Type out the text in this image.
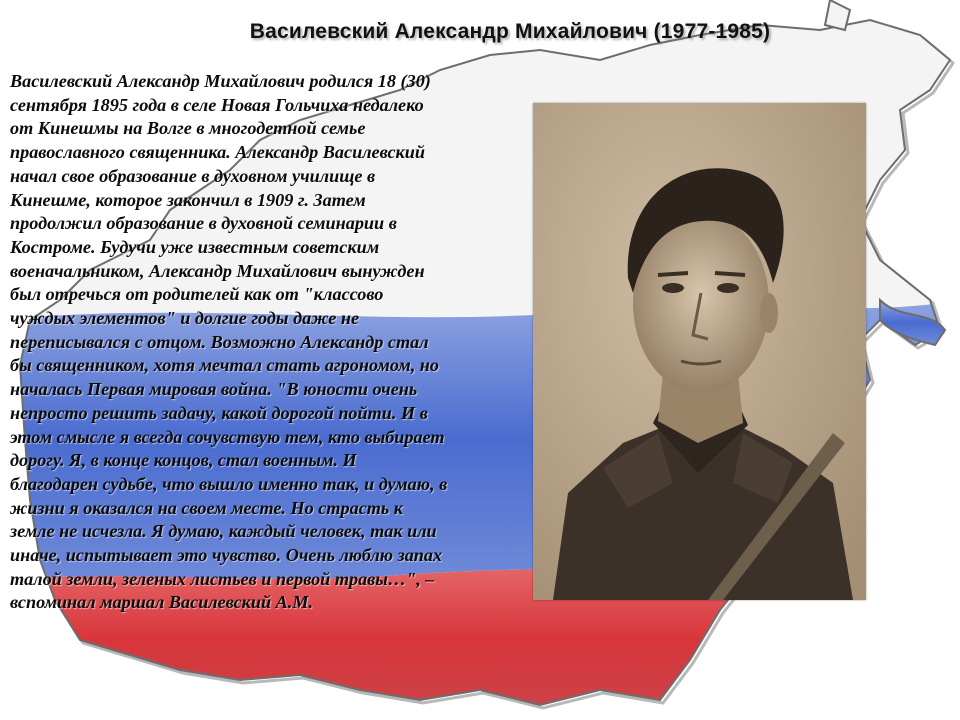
Василевский Александр Михайлович (1977-1985)
Василевский Александр Михайлович родился 18 (30)
сентября 1895 года в селе Новая Гольчиха недалеко
от Кинешмы на Волге в многодетной семье
православного священника. Александр Василевский
начал свое образование в духовном училище в
Кинешме, которое закончил в 1909 г. Затем
продолжил образование в духовной семинарии в
Костроме. Будучи уже известным советским
военачальником, Александр Михайлович вынужден
был отречься от родителей как от "классово
чуждых элементов" и долгие годы даже не
переписывался с отцом. Возможно Александр стал
бы священником, хотя мечтал стать агрономом, но
началась Первая мировая война. "В юности очень
непросто решить задачу, какой дорогой пойти. И в
этом смысле я всегда сочувствую тем, кто выбирает
дорогу. Я, в конце концов, стал военным. И
благодарен судьбе, что вышло именно так, и думаю, в
жизни я оказался на своем месте. Но страсть к
земле не исчезла. Я думаю, каждый человек, так или
иначе, испытывает это чувство. Очень люблю запах
талой земли, зеленых листьев и первой травы…", –
вспоминал маршал Василевский А.М.
